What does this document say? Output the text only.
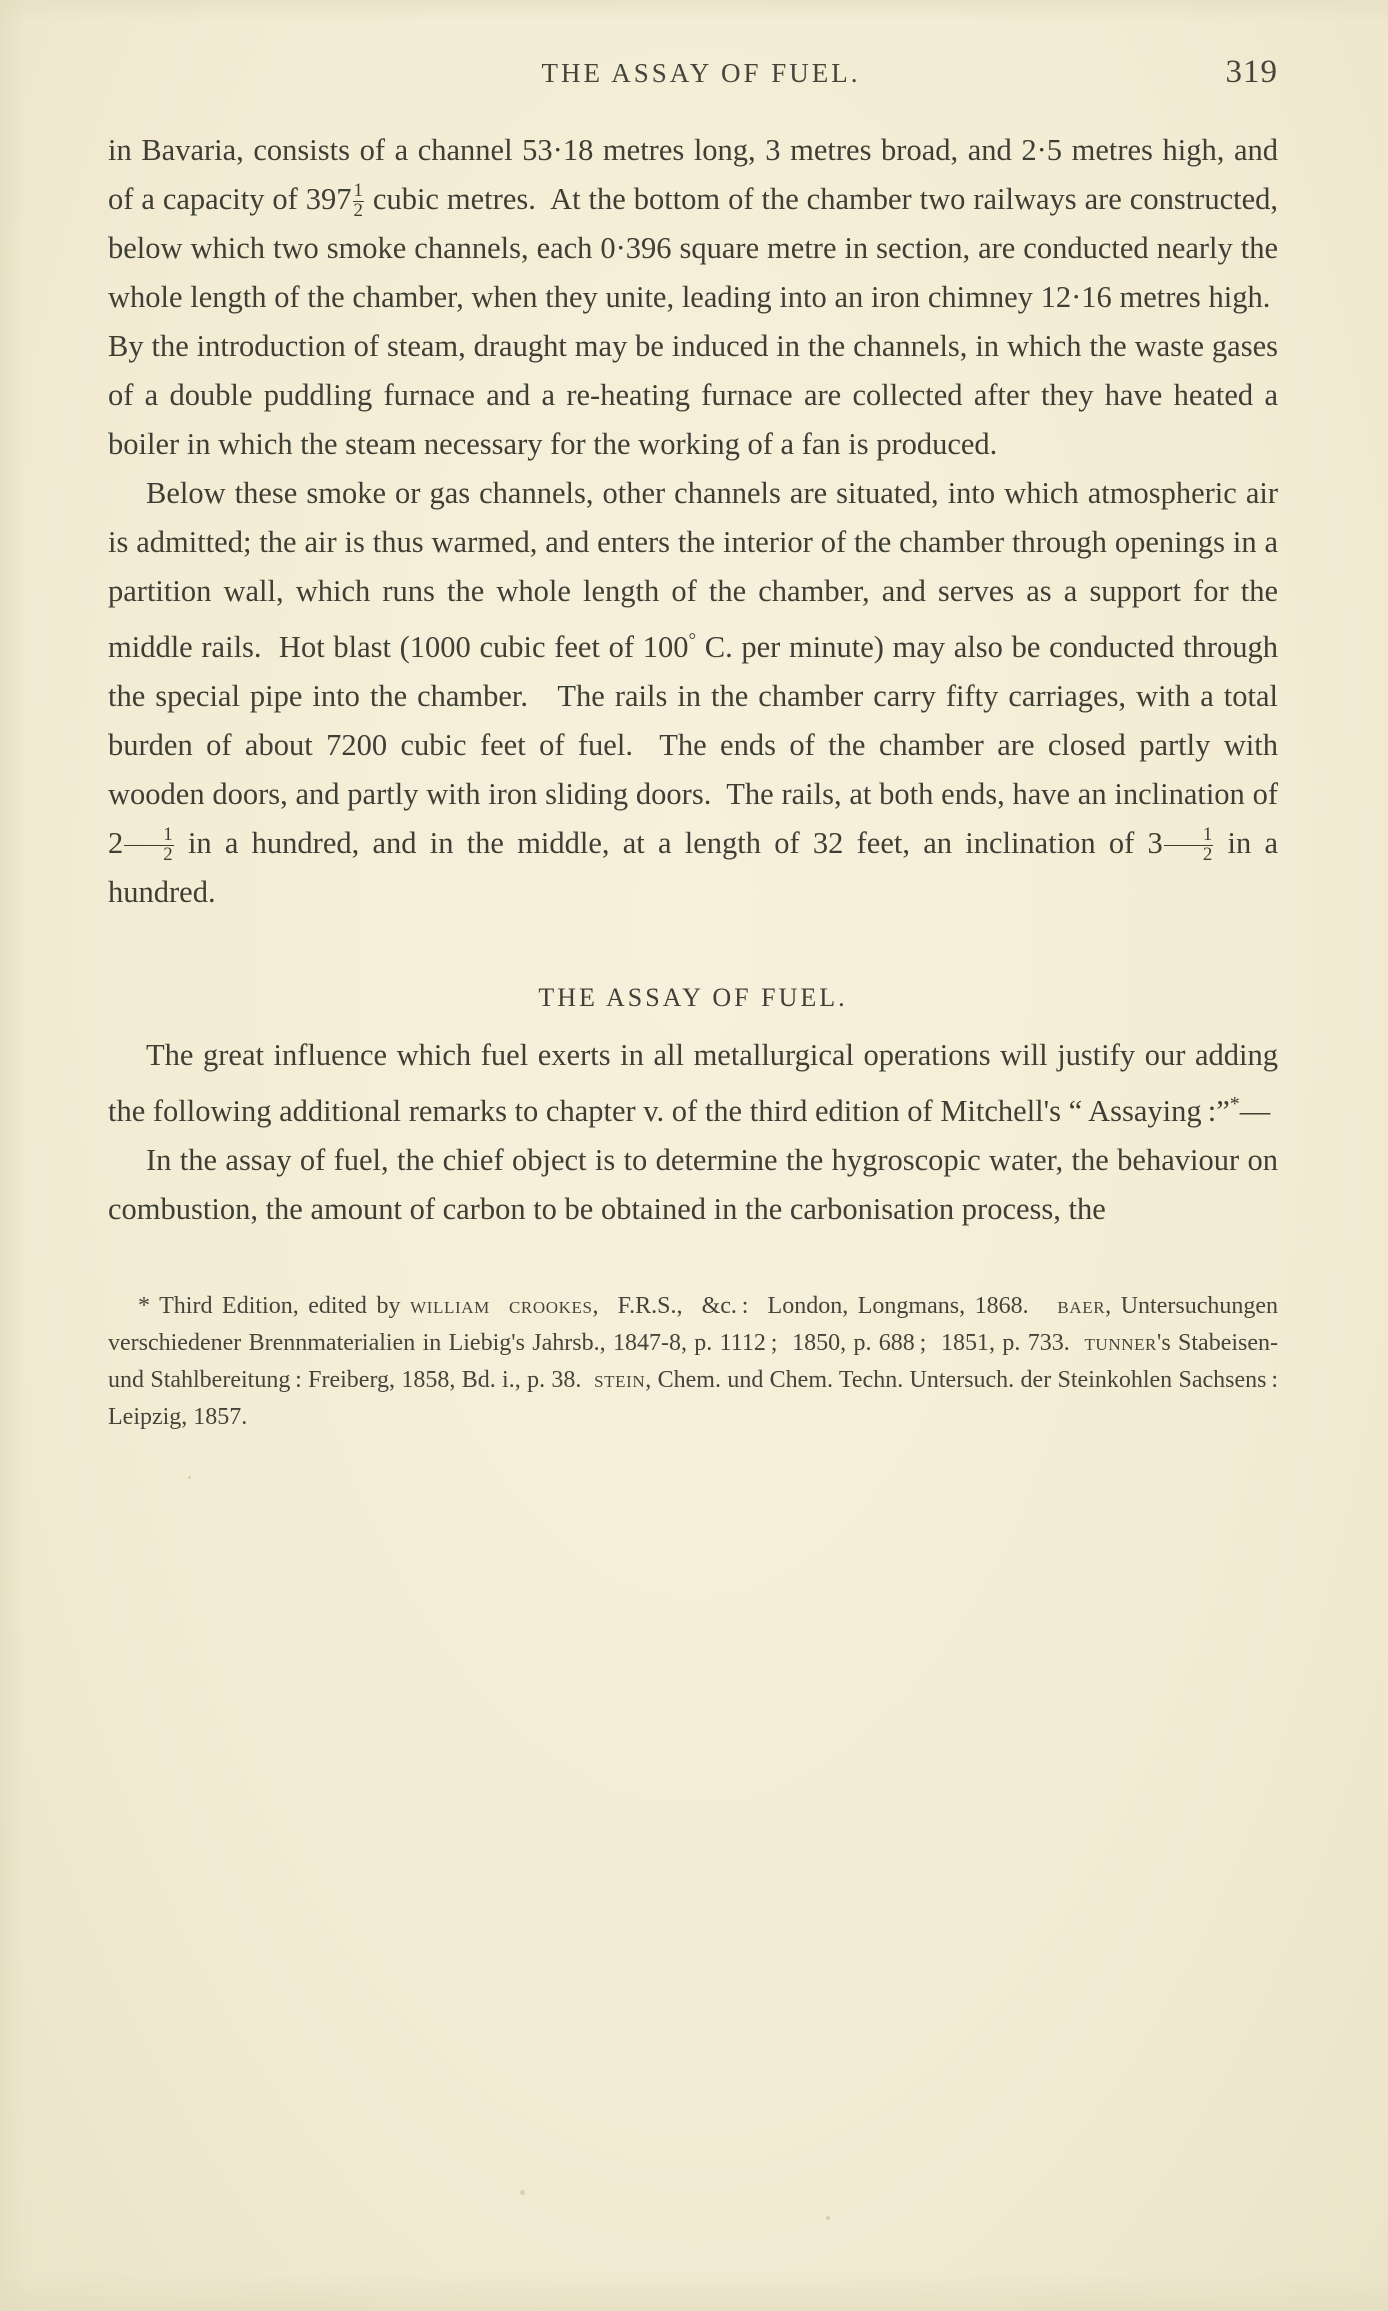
THE ASSAY OF FUEL.	319

in Bavaria, consists of a channel 53·18 metres long, 3 metres broad, and 2·5 metres high, and of a capacity of $397 \frac{1}{2}$ cubic metres.  At the bottom of the chamber two railways are constructed, below which two smoke channels, each 0·396 square metre in section, are conducted nearly the whole length of the chamber, when they unite, leading into an iron chimney 12·16 metres high.  By the introduction of steam, draught may be induced in the channels, in which the waste gases of a double puddling furnace and a re-heating furnace are collected after they have heated a boiler in which the steam necessary for the working of a fan is produced.

Below these smoke or gas channels, other channels are situated, into which atmospheric air is admitted; the air is thus warmed, and enters the interior of the chamber through openings in a partition wall, which runs the whole length of the chamber, and serves as a support for the middle rails.  Hot blast (1000 cubic feet of 100° C. per minute) may also be conducted through the special pipe into the chamber.   The rails in the chamber carry fifty carriages, with a total burden of about 7200 cubic feet of fuel.  The ends of the chamber are closed partly with wooden doors, and partly with iron sliding doors.  The rails, at both ends, have an inclination of $2 \frac{1}{2}$ in a hundred, and in the middle, at a length of 32 feet, an inclination of $3 \frac{1}{2}$ in a hundred.

THE ASSAY OF FUEL.

The great influence which fuel exerts in all metallurgical operations will justify our adding the following additional remarks to chapter v. of the third edition of Mitchell's “ Assaying :”*—

In the assay of fuel, the chief object is to determine the hygroscopic water, the behaviour on combustion, the amount of carbon to be obtained in the carbonisation process, the

* Third Edition, edited by william crookes,  F.R.S.,  &c. :  London, Longmans, 1868.   baer, Untersuchungen verschiedener Brennmaterialien in Liebig's Jahrsb., 1847-8, p. 1112 ;  1850, p. 688 ;  1851, p. 733.  tunner's Stabeisen- und Stahlbereitung : Freiberg, 1858, Bd. i., p. 38.  stein, Chem. und Chem. Techn. Untersuch. der Steinkohlen Sachsens : Leipzig, 1857.
